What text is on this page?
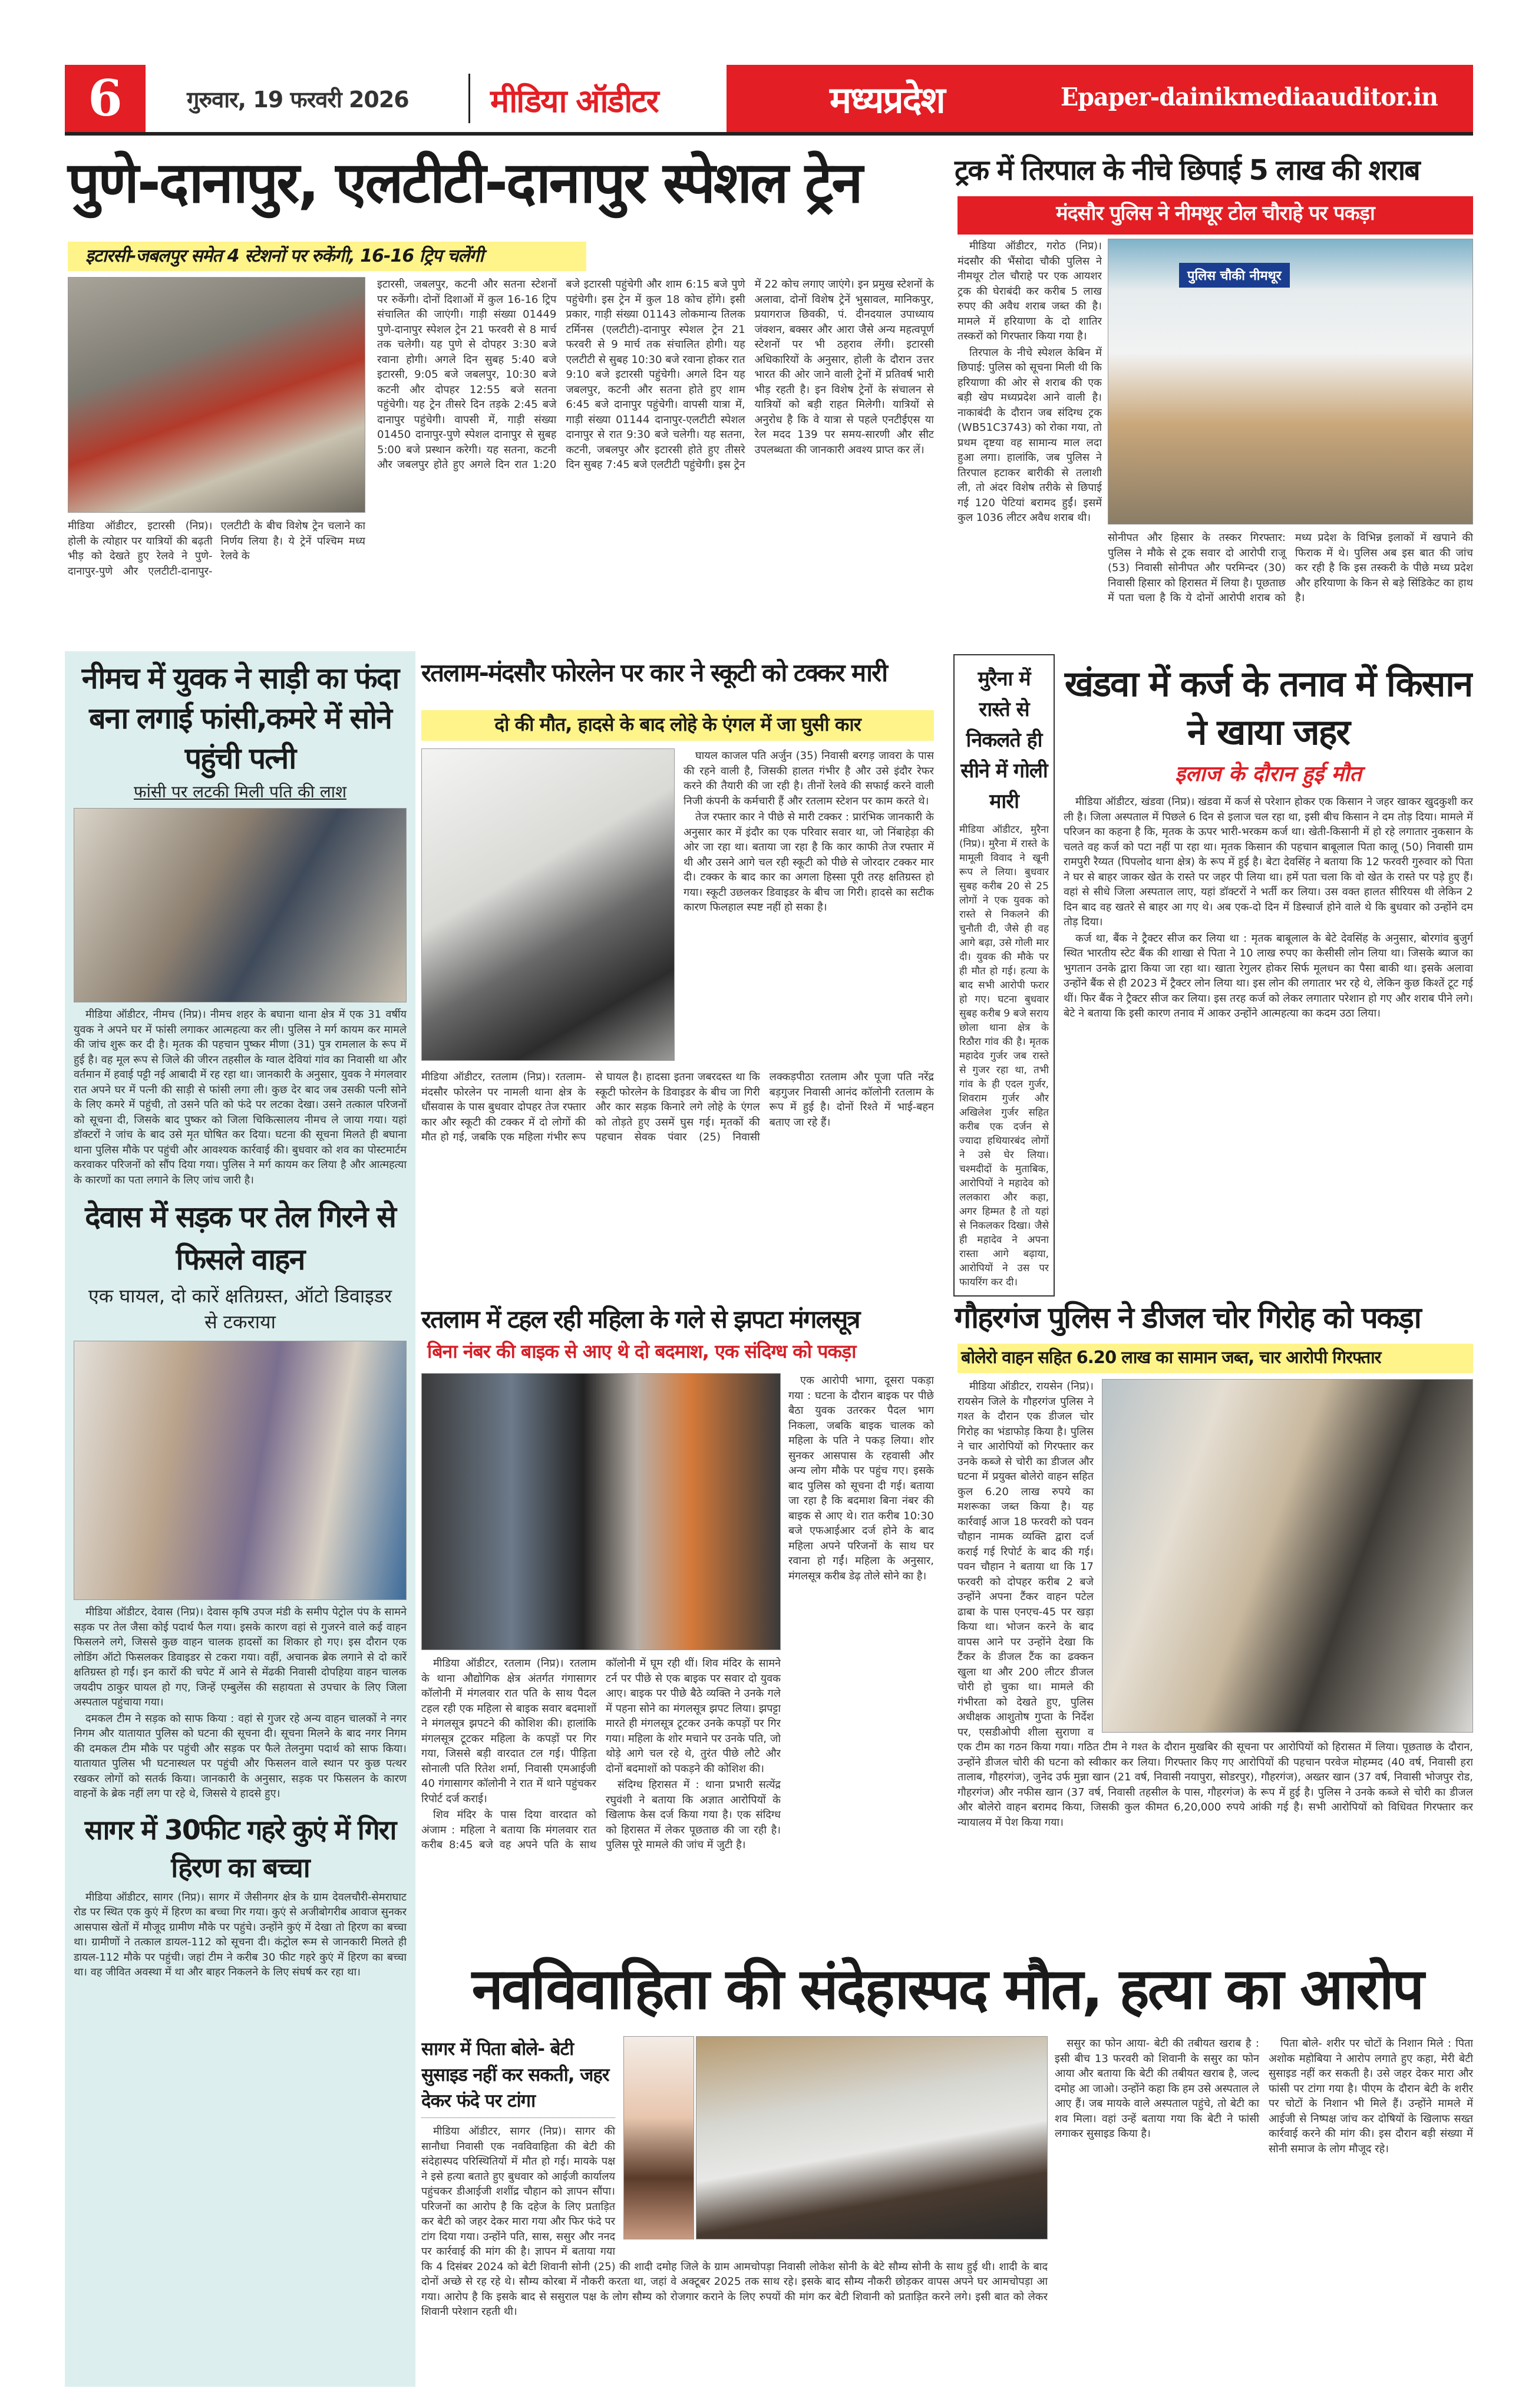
6	गुरुवार, 19 फरवरी 2026	मीडिया ऑडीटर	मध्यप्रदेश	Epaper-dainikmediaauditor.in
पुणे-दानापुर, एलटीटी-दानापुर स्पेशल ट्रेन
इटारसी-जबलपुर समेत 4 स्टेशनों पर रुकेंगी, 16-16 ट्रिप चलेंगी
मीडिया ऑडीटर, इटारसी (निप्र)। होली के त्योहार पर यात्रियों की बढ़ती भीड़ को देखते हुए रेलवे ने पुणे-दानापुर-पुणे और एलटीटी-दानापुर-एलटीटी के बीच विशेष ट्रेन चलाने का निर्णय लिया है। ये ट्रेनें पश्चिम मध्य रेलवे के
इटारसी, जबलपुर, कटनी और सतना स्टेशनों पर रुकेंगी। दोनों दिशाओं में कुल 16-16 ट्रिप संचालित की जाएंगी। गाड़ी संख्या 01449 पुणे-दानापुर स्पेशल ट्रेन 21 फरवरी से 8 मार्च तक चलेगी। यह पुणे से दोपहर 3:30 बजे रवाना होगी। अगले दिन सुबह 5:40 बजे इटारसी, 9:05 बजे जबलपुर, 10:30 बजे कटनी और दोपहर 12:55 बजे सतना पहुंचेगी। यह ट्रेन तीसरे दिन तड़के 2:45 बजे दानापुर पहुंचेगी। वापसी में, गाड़ी संख्या 01450 दानापुर-पुणे स्पेशल दानापुर से सुबह 5:00 बजे प्रस्थान करेगी। यह सतना, कटनी और जबलपुर होते हुए अगले दिन रात 1:20 बजे इटारसी पहुंचेगी और शाम 6:15 बजे पुणे पहुंचेगी। इस ट्रेन में कुल 18 कोच होंगे। इसी प्रकार, गाड़ी संख्या 01143 लोकमान्य तिलक टर्मिनस (एलटीटी)-दानापुर स्पेशल ट्रेन 21 फरवरी से 9 मार्च तक संचालित होगी। यह एलटीटी से सुबह 10:30 बजे रवाना होकर रात 9:10 बजे इटारसी पहुंचेगी। अगले दिन यह जबलपुर, कटनी और सतना होते हुए शाम 6:45 बजे दानापुर पहुंचेगी। वापसी यात्रा में, गाड़ी संख्या 01144 दानापुर-एलटीटी स्पेशल दानापुर से रात 9:30 बजे चलेगी। यह सतना, कटनी, जबलपुर और इटारसी होते हुए तीसरे दिन सुबह 7:45 बजे एलटीटी पहुंचेगी। इस ट्रेन में 22 कोच लगाए जाएंगे। इन प्रमुख स्टेशनों के अलावा, दोनों विशेष ट्रेनें भुसावल, मानिकपुर, प्रयागराज छिवकी, पं. दीनदयाल उपाध्याय जंक्शन, बक्सर और आरा जैसे अन्य महत्वपूर्ण स्टेशनों पर भी ठहराव लेंगी। इटारसी अधिकारियों के अनुसार, होली के दौरान उत्तर भारत की ओर जाने वाली ट्रेनों में प्रतिवर्ष भारी भीड़ रहती है। इन विशेष ट्रेनों के संचालन से यात्रियों को बड़ी राहत मिलेगी। यात्रियों से अनुरोध है कि वे यात्रा से पहले एनटीईएस या रेल मदद 139 पर समय-सारणी और सीट उपलब्धता की जानकारी अवश्य प्राप्त कर लें।
ट्रक में तिरपाल के नीचे छिपाई 5 लाख की शराब
मंदसौर पुलिस ने नीमथूर टोल चौराहे पर पकड़ा

मीडिया ऑडीटर, गरोठ (निप्र)। मंदसौर की भैंसोदा चौकी पुलिस ने नीमथूर टोल चौराहे पर एक आयशर ट्रक की घेराबंदी कर करीब 5 लाख रुपए की अवैध शराब जब्त की है। मामले में हरियाणा के दो शातिर तस्करों को गिरफ्तार किया गया है।

तिरपाल के नीचे स्पेशल केबिन में छिपाई: पुलिस को सूचना मिली थी कि हरियाणा की ओर से शराब की एक बड़ी खेप मध्यप्रदेश आने वाली है। नाकाबंदी के दौरान जब संदिग्ध ट्रक (WB51C3743) को रोका गया, तो प्रथम दृष्टया वह सामान्य माल लदा हुआ लगा। हालांकि, जब पुलिस ने तिरपाल हटाकर बारीकी से तलाशी ली, तो अंदर विशेष तरीके से छिपाई गई 120 पेटियां बरामद हुईं। इसमें कुल 1036 लीटर अवैध शराब थी।

पुलिस चौकी नीमथूर
सोनीपत और हिसार के तस्कर गिरफ्तार: पुलिस ने मौके से ट्रक सवार दो आरोपी राजू (53) निवासी सोनीपत और परमिन्दर (30) निवासी हिसार को हिरासत में लिया है। पूछताछ में पता चला है कि ये दोनों आरोपी शराब को मध्य प्रदेश के विभिन्न इलाकों में खपाने की फिराक में थे। पुलिस अब इस बात की जांच कर रही है कि इस तस्करी के पीछे मध्य प्रदेश और हरियाणा के किन से बड़े सिंडिकेट का हाथ है।
नीमच में युवक ने साड़ी का फंदा बना लगाई फांसी,कमरे में सोने पहुंची पत्नी
फांसी पर लटकी मिली पति की लाश
मीडिया ऑडीटर, नीमच (निप्र)। नीमच शहर के बघाना थाना क्षेत्र में एक 31 वर्षीय युवक ने अपने घर में फांसी लगाकर आत्महत्या कर ली। पुलिस ने मर्ग कायम कर मामले की जांच शुरू कर दी है। मृतक की पहचान पुष्कर मीणा (31) पुत्र रामलाल के रूप में हुई है। वह मूल रूप से जिले की जीरन तहसील के ग्वाल देवियां गांव का निवासी था और वर्तमान में हवाई पट्टी नई आबादी में रह रहा था। जानकारी के अनुसार, युवक ने मंगलवार रात अपने घर में पत्नी की साड़ी से फांसी लगा ली। कुछ देर बाद जब उसकी पत्नी सोने के लिए कमरे में पहुंची, तो उसने पति को फंदे पर लटका देखा। उसने तत्काल परिजनों को सूचना दी, जिसके बाद पुष्कर को जिला चिकित्सालय नीमच ले जाया गया। यहां डॉक्टरों ने जांच के बाद उसे मृत घोषित कर दिया। घटना की सूचना मिलते ही बघाना थाना पुलिस मौके पर पहुंची और आवश्यक कार्रवाई की। बुधवार को शव का पोस्टमार्टम करवाकर परिजनों को सौंप दिया गया। पुलिस ने मर्ग कायम कर लिया है और आत्महत्या के कारणों का पता लगाने के लिए जांच जारी है।
देवास में सड़क पर तेल गिरने से फिसले वाहन
एक घायल, दो कारें क्षतिग्रस्त, ऑटो डिवाइडर से टकराया

मीडिया ऑडीटर, देवास (निप्र)। देवास कृषि उपज मंडी के समीप पेट्रोल पंप के सामने सड़क पर तेल जैसा कोई पदार्थ फैल गया। इसके कारण वहां से गुजरने वाले कई वाहन फिसलने लगे, जिससे कुछ वाहन चालक हादसों का शिकार हो गए। इस दौरान एक लोडिंग ऑटो फिसलकर डिवाइडर से टकरा गया। वहीं, अचानक ब्रेक लगाने से दो कारें क्षतिग्रस्त हो गईं। इन कारों की चपेट में आने से मेंढकी निवासी दोपहिया वाहन चालक जयदीप ठाकुर घायल हो गए, जिन्हें एम्बुलेंस की सहायता से उपचार के लिए जिला अस्पताल पहुंचाया गया।

दमकल टीम ने सड़क को साफ किया : वहां से गुजर रहे अन्य वाहन चालकों ने नगर निगम और यातायात पुलिस को घटना की सूचना दी। सूचना मिलने के बाद नगर निगम की दमकल टीम मौके पर पहुंची और सड़क पर फैले तेलनुमा पदार्थ को साफ किया। यातायात पुलिस भी घटनास्थल पर पहुंची और फिसलन वाले स्थान पर कुछ पत्थर रखकर लोगों को सतर्क किया। जानकारी के अनुसार, सड़क पर फिसलन के कारण वाहनों के ब्रेक नहीं लग पा रहे थे, जिससे ये हादसे हुए।

सागर में 30फीट गहरे कुएं में गिरा हिरण का बच्चा
मीडिया ऑडीटर, सागर (निप्र)। सागर में जैसीनगर क्षेत्र के ग्राम देवलचौरी-सेमराघाट रोड पर स्थित एक कुएं में हिरण का बच्चा गिर गया। कुएं से अजीबोगरीब आवाज सुनकर आसपास खेतों में मौजूद ग्रामीण मौके पर पहुंचे। उन्होंने कुएं में देखा तो हिरण का बच्चा था। ग्रामीणों ने तत्काल डायल-112 को सूचना दी। कंट्रोल रूम से जानकारी मिलते ही डायल-112 मौके पर पहुंची। जहां टीम ने करीब 30 फीट गहरे कुएं में हिरण का बच्चा था। वह जीवित अवस्था में था और बाहर निकलने के लिए संघर्ष कर रहा था।
रतलाम-मंदसौर फोरलेन पर कार ने स्कूटी को टक्कर मारी
दो की मौत, हादसे के बाद लोहे के एंगल में जा घुसी कार

घायल काजल पति अर्जुन (35) निवासी बरगड़ जावरा के पास की रहने वाली है, जिसकी हालत गंभीर है और उसे इंदौर रेफर करने की तैयारी की जा रही है। तीनों रेलवे की सफाई करने वाली निजी कंपनी के कर्मचारी हैं और रतलाम स्टेशन पर काम करते थे।

तेज रफ्तार कार ने पीछे से मारी टक्कर : प्रारंभिक जानकारी के अनुसार कार में इंदौर का एक परिवार सवार था, जो निंबाहेड़ा की ओर जा रहा था। बताया जा रहा है कि कार काफी तेज रफ्तार में थी और उसने आगे चल रही स्कूटी को पीछे से जोरदार टक्कर मार दी। टक्कर के बाद कार का अगला हिस्सा पूरी तरह क्षतिग्रस्त हो गया। स्कूटी उछलकर डिवाइडर के बीच जा गिरी। हादसे का सटीक कारण फिलहाल स्पष्ट नहीं हो सका है।

मीडिया ऑडीटर, रतलाम (निप्र)। रतलाम-मंदसौर फोरलेन पर नामली थाना क्षेत्र के धौंसवास के पास बुधवार दोपहर तेज रफ्तार कार और स्कूटी की टक्कर में दो लोगों की मौत हो गई, जबकि एक महिला गंभीर रूप से घायल है। हादसा इतना जबरदस्त था कि स्कूटी फोरलेन के डिवाइडर के बीच जा गिरी और कार सड़क किनारे लगे लोहे के एंगल को तोड़ते हुए उसमें घुस गई। मृतकों की पहचान सेवक पंवार (25) निवासी लक्कड़पीठा रतलाम और पूजा पति नरेंद्र बड़गुजर निवासी आनंद कॉलोनी रतलाम के रूप में हुई है। दोनों रिश्ते में भाई-बहन बताए जा रहे हैं।
मुरैना में रास्ते से निकलते ही सीने में गोली मारी
मीडिया ऑडीटर, मुरैना (निप्र)। मुरैना में रास्ते के मामूली विवाद ने खूनी रूप ले लिया। बुधवार सुबह करीब 20 से 25 लोगों ने एक युवक को रास्ते से निकलने की चुनौती दी, जैसे ही वह आगे बढ़ा, उसे गोली मार दी। युवक की मौके पर ही मौत हो गई। हत्या के बाद सभी आरोपी फरार हो गए। घटना बुधवार सुबह करीब 9 बजे सराय छोला थाना क्षेत्र के रिठौरा गांव की है। मृतक महादेव गुर्जर जब रास्ते से गुजर रहा था, तभी गांव के ही एदल गुर्जर, शिवराम गुर्जर और अखिलेश गुर्जर सहित करीब एक दर्जन से ज्यादा हथियारबंद लोगों ने उसे घेर लिया। चश्मदीदों के मुताबिक, आरोपियों ने महादेव को ललकारा और कहा, अगर हिम्मत है तो यहां से निकलकर दिखा। जैसे ही महादेव ने अपना रास्ता आगे बढ़ाया, आरोपियों ने उस पर फायरिंग कर दी।
खंडवा में कर्ज के तनाव में किसान ने खाया जहर
इलाज के दौरान हुई मौत

मीडिया ऑडीटर, खंडवा (निप्र)। खंडवा में कर्ज से परेशान होकर एक किसान ने जहर खाकर खुदकुशी कर ली है। जिला अस्पताल में पिछले 6 दिन से इलाज चल रहा था, इसी बीच किसान ने दम तोड़ दिया। मामले में परिजन का कहना है कि, मृतक के ऊपर भारी-भरकम कर्ज था। खेती-किसानी में हो रहे लगातार नुकसान के चलते वह कर्ज को पटा नहीं पा रहा था। मृतक किसान की पहचान बाबूलाल पिता कालू (50) निवासी ग्राम रामपुरी रैय्यत (पिपलोद थाना क्षेत्र) के रूप में हुई है। बेटा देवसिंह ने बताया कि 12 फरवरी गुरुवार को पिता ने घर से बाहर जाकर खेत के रास्ते पर जहर पी लिया था। हमें पता चला कि वो खेत के रास्ते पर पड़े हुए हैं। वहां से सीधे जिला अस्पताल लाए, यहां डॉक्टरों ने भर्ती कर लिया। उस वक्त हालत सीरियस थी लेकिन 2 दिन बाद वह खतरे से बाहर आ गए थे। अब एक-दो दिन में डिस्चार्ज होने वाले थे कि बुधवार को उन्होंने दम तोड़ दिया।

कर्ज था, बैंक ने ट्रैक्टर सीज कर लिया था : मृतक बाबूलाल के बेटे देवसिंह के अनुसार, बोरगांव बुजुर्ग स्थित भारतीय स्टेट बैंक की शाखा से पिता ने 10 लाख रुपए का केसीसी लोन लिया था। जिसके ब्याज का भुगतान उनके द्वारा किया जा रहा था। खाता रेगुलर होकर सिर्फ मूलधन का पैसा बाकी था। इसके अलावा उन्होंने बैंक से ही 2023 में ट्रैक्टर लोन लिया था। इस लोन की लगातार भर रहे थे, लेकिन कुछ किश्तें टूट गई थीं। फिर बैंक ने ट्रैक्टर सीज कर लिया। इस तरह कर्ज को लेकर लगातार परेशान हो गए और शराब पीने लगे। बेटे ने बताया कि इसी कारण तनाव में आकर उन्होंने आत्महत्या का कदम उठा लिया।

रतलाम में टहल रही महिला के गले से झपटा मंगलसूत्र
बिना नंबर की बाइक से आए थे दो बदमाश, एक संदिग्ध को पकड़ा
एक आरोपी भागा, दूसरा पकड़ा गया : घटना के दौरान बाइक पर पीछे बैठा युवक उतरकर पैदल भाग निकला, जबकि बाइक चालक को महिला के पति ने पकड़ लिया। शोर सुनकर आसपास के रहवासी और अन्य लोग मौके पर पहुंच गए। इसके बाद पुलिस को सूचना दी गई। बताया जा रहा है कि बदमाश बिना नंबर की बाइक से आए थे। रात करीब 10:30 बजे एफआईआर दर्ज होने के बाद महिला अपने परिजनों के साथ घर रवाना हो गईं। महिला के अनुसार, मंगलसूत्र करीब डेढ़ तोले सोने का है।

मीडिया ऑडीटर, रतलाम (निप्र)। रतलाम के थाना औद्योगिक क्षेत्र अंतर्गत गंगासागर कॉलोनी में मंगलवार रात पति के साथ पैदल टहल रही एक महिला से बाइक सवार बदमाशों ने मंगलसूत्र झपटने की कोशिश की। हालांकि मंगलसूत्र टूटकर महिला के कपड़ों पर गिर गया, जिससे बड़ी वारदात टल गई। पीड़िता सोनाली पति रितेश शर्मा, निवासी एमआईजी 40 गंगासागर कॉलोनी ने रात में थाने पहुंचकर रिपोर्ट दर्ज कराई।

शिव मंदिर के पास दिया वारदात को अंजाम : महिला ने बताया कि मंगलवार रात करीब 8:45 बजे वह अपने पति के साथ कॉलोनी में घूम रही थीं। शिव मंदिर के सामने टर्न पर पीछे से एक बाइक पर सवार दो युवक आए। बाइक पर पीछे बैठे व्यक्ति ने उनके गले में पहना सोने का मंगलसूत्र झपट लिया। झपट्टा मारते ही मंगलसूत्र टूटकर उनके कपड़ों पर गिर गया। महिला के शोर मचाने पर उनके पति, जो थोड़े आगे चल रहे थे, तुरंत पीछे लौटे और दोनों बदमाशों को पकड़ने की कोशिश की।

संदिग्ध हिरासत में : थाना प्रभारी सत्येंद्र रघुवंशी ने बताया कि अज्ञात आरोपियों के खिलाफ केस दर्ज किया गया है। एक संदिग्ध को हिरासत में लेकर पूछताछ की जा रही है। पुलिस पूरे मामले की जांच में जुटी है।

गौहरगंज पुलिस ने डीजल चोर गिरोह को पकड़ा
बोलेरो वाहन सहित 6.20 लाख का सामान जब्त, चार आरोपी गिरफ्तार

मीडिया ऑडीटर, रायसेन (निप्र)। रायसेन जिले के गौहरगंज पुलिस ने गश्त के दौरान एक डीजल चोर गिरोह का भंडाफोड़ किया है। पुलिस ने चार आरोपियों को गिरफ्तार कर उनके कब्जे से चोरी का डीजल और घटना में प्रयुक्त बोलेरो वाहन सहित कुल 6.20 लाख रुपये का मशरूका जब्त किया है। यह कार्रवाई आज 18 फरवरी को पवन चौहान नामक व्यक्ति द्वारा दर्ज कराई गई रिपोर्ट के बाद की गई। पवन चौहान ने बताया था कि 17 फरवरी को दोपहर करीब 2 बजे उन्होंने अपना टैंकर वाहन पटेल ढाबा के पास एनएच-45 पर खड़ा किया था। भोजन करने के बाद वापस आने पर उन्होंने देखा कि टैंकर के डीजल टैंक का ढक्कन खुला था और 200 लीटर डीजल चोरी हो चुका था। मामले की गंभीरता को देखते हुए, पुलिस अधीक्षक आशुतोष गुप्ता के निर्देश पर, एसडीओपी शीला सुराणा व एक टीम का गठन किया गया। गठित टीम ने गश्त के दौरान मुखबिर की सूचना पर आरोपियों को हिरासत में लिया। पूछताछ के दौरान, उन्होंने डीजल चोरी की घटना को स्वीकार कर लिया। गिरफ्तार किए गए आरोपियों की पहचान परवेज मोहम्मद (40 वर्ष, निवासी हरा तालाब, गौहरगंज), जुनेद उर्फ मुन्ना खान (21 वर्ष, निवासी नयापुरा, सोडरपुर), गौहरगंज), अख्तर खान (37 वर्ष, निवासी भोजपुर रोड, गौहरगंज) और नफीस खान (37 वर्ष, निवासी तहसील के पास, गौहरगंज) के रूप में हुई है। पुलिस ने उनके कब्जे से चोरी का डीजल और बोलेरो वाहन बरामद किया, जिसकी कुल कीमत 6,20,000 रुपये आंकी गई है। सभी आरोपियों को विधिवत गिरफ्तार कर न्यायालय में पेश किया गया।

नवविवाहिता की संदेहास्पद मौत, हत्या का आरोप
सागर में पिता बोले- बेटी सुसाइड नहीं कर सकती, जहर देकर फंदे पर टांगा

मीडिया ऑडीटर, सागर (निप्र)। सागर की सानौधा निवासी एक नवविवाहिता की बेटी की संदेहास्पद परिस्थितियों में मौत हो गई। मायके पक्ष ने इसे हत्या बताते हुए बुधवार को आईजी कार्यालय पहुंचकर डीआईजी शशींद्र चौहान को ज्ञापन सौंपा। परिजनों का आरोप है कि दहेज के लिए प्रताड़ित कर बेटी को जहर देकर मारा गया और फिर फंदे पर टांग दिया गया। उन्होंने पति, सास, ससुर और ननद पर कार्रवाई की मांग की है। ज्ञापन में बताया गया कि 4 दिसंबर 2024 को बेटी शिवानी सोनी (25) की शादी दमोह जिले के ग्राम आमचोपड़ा निवासी लोकेश सोनी के बेटे सौम्य सोनी के साथ हुई थी। शादी के बाद दोनों अच्छे से रह रहे थे। सौम्य कोरबा में नौकरी करता था, जहां वे अक्टूबर 2025 तक साथ रहे। इसके बाद सौम्य नौकरी छोड़कर वापस अपने घर आमचोपड़ा आ गया। आरोप है कि इसके बाद से ससुराल पक्ष के लोग सौम्य को रोजगार कराने के लिए रुपयों की मांग कर बेटी शिवानी को प्रताड़ित करने लगे। इसी बात को लेकर शिवानी परेशान रहती थी।

ससुर का फोन आया- बेटी की तबीयत खराब है : इसी बीच 13 फरवरी को शिवानी के ससुर का फोन आया और बताया कि बेटी की तबीयत खराब है, जल्द दमोह आ जाओ। उन्होंने कहा कि हम उसे अस्पताल ले आए हैं। जब मायके वाले अस्पताल पहुंचे, तो बेटी का शव मिला। वहां उन्हें बताया गया कि बेटी ने फांसी लगाकर सुसाइड किया है।

पिता बोले- शरीर पर चोटों के निशान मिले : पिता अशोक महोबिया ने आरोप लगाते हुए कहा, मेरी बेटी सुसाइड नहीं कर सकती है। उसे जहर देकर मारा और फांसी पर टांगा गया है। पीएम के दौरान बेटी के शरीर पर चोटों के निशान भी मिले हैं। उन्होंने मामले में आईजी से निष्पक्ष जांच कर दोषियों के खिलाफ सख्त कार्रवाई करने की मांग की। इस दौरान बड़ी संख्या में सोनी समाज के लोग मौजूद रहे।
